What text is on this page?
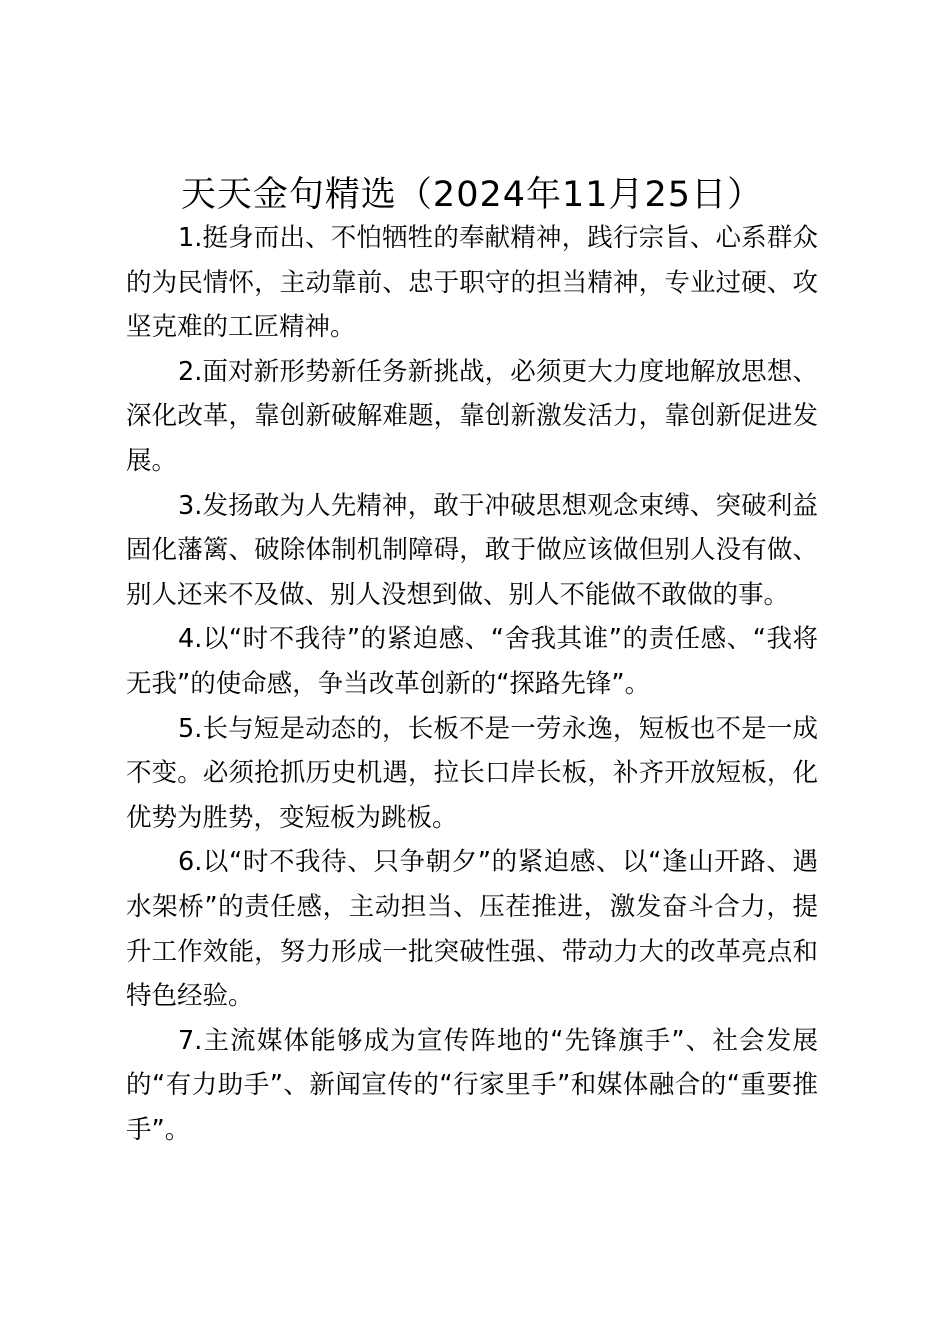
天天金句精选（2024年11月25日）

1.挺身而出、不怕牺牲的奉献精神，践行宗旨、心系群众的为民情怀，主动靠前、忠于职守的担当精神，专业过硬、攻坚克难的工匠精神。

2.面对新形势新任务新挑战，必须更大力度地解放思想、深化改革，靠创新破解难题，靠创新激发活力，靠创新促进发展。

3.发扬敢为人先精神，敢于冲破思想观念束缚、突破利益固化藩篱、破除体制机制障碍，敢于做应该做但别人没有做、别人还来不及做、别人没想到做、别人不能做不敢做的事。

4.以“时不我待”的紧迫感、“舍我其谁”的责任感、“我将无我”的使命感，争当改革创新的“探路先锋”。

5.长与短是动态的，长板不是一劳永逸，短板也不是一成不变。必须抢抓历史机遇，拉长口岸长板，补齐开放短板，化优势为胜势，变短板为跳板。

6.以“时不我待、只争朝夕”的紧迫感、以“逢山开路、遇水架桥”的责任感，主动担当、压茬推进，激发奋斗合力，提升工作效能，努力形成一批突破性强、带动力大的改革亮点和特色经验。

7.主流媒体能够成为宣传阵地的“先锋旗手”、社会发展的“有力助手”、新闻宣传的“行家里手”和媒体融合的“重要推手”。
